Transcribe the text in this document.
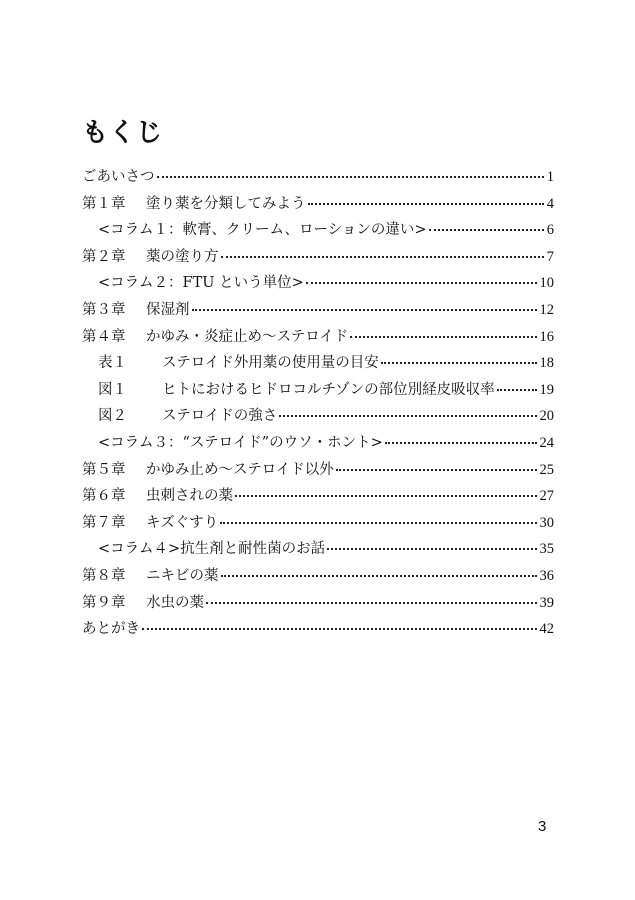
もくじ
ごあいさつ	1
第１章 塗り薬を分類してみよう	4
<コラム１：軟膏、クリーム、ローションの違い>	6
第２章 薬の塗り方	7
<コラム２：FTU という単位>	10
第３章 保湿剤	12
第４章 かゆみ・炎症止め～ステロイド	16
表１ ステロイド外用薬の使用量の目安	18
図１ ヒトにおけるヒドロコルチゾンの部位別経皮吸収率	19
図２ ステロイドの強さ	20
<コラム３：“ステロイド”のウソ・ホント>	24
第５章 かゆみ止め～ステロイド以外	25
第６章 虫刺されの薬	27
第７章 キズぐすり	30
<コラム４>抗生剤と耐性菌のお話	35
第８章 ニキビの薬	36
第９章 水虫の薬	39
あとがき	42
3
